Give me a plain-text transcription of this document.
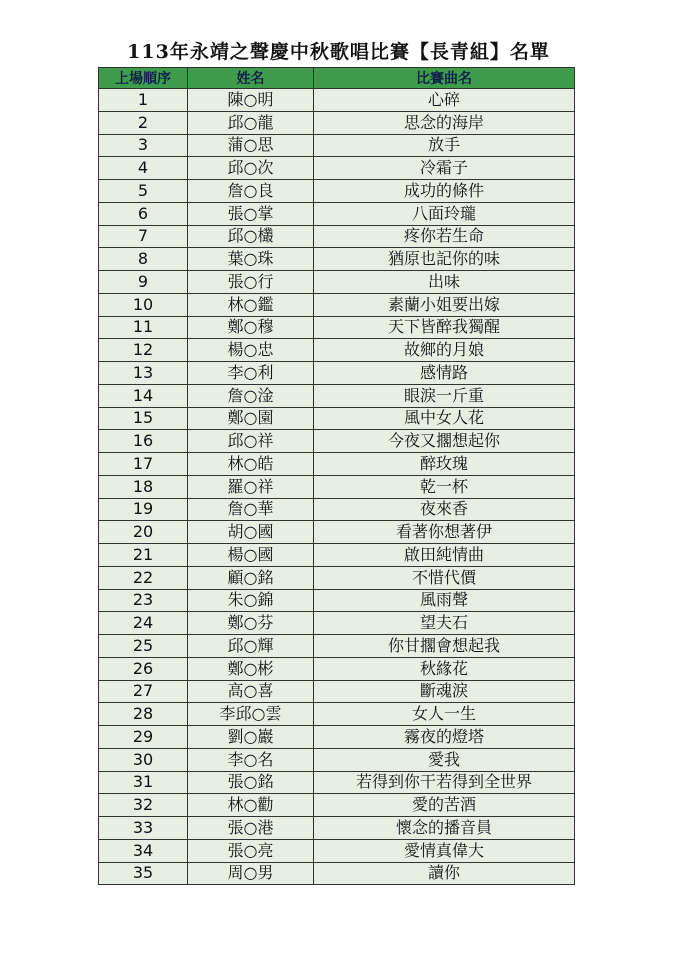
113年永靖之聲慶中秋歌唱比賽【長青組】名單
上場順序	姓名	比賽曲名
1	陳○明	心碎
2	邱○龍	思念的海岸
3	蒲○思	放手
4	邱○次	冷霜子
5	詹○良	成功的條件
6	張○掌	八面玲瓏
7	邱○欉	疼你若生命
8	葉○珠	猶原也記你的味
9	張○行	出味
10	林○鑑	素蘭小姐要出嫁
11	鄭○穆	天下皆醉我獨醒
12	楊○忠	故鄉的月娘
13	李○利	感情路
14	詹○淦	眼淚一斤重
15	鄭○園	風中女人花
16	邱○祥	今夜又擱想起你
17	林○皓	醉玫瑰
18	羅○祥	乾一杯
19	詹○華	夜來香
20	胡○國	看著你想著伊
21	楊○國	啟田純情曲
22	顧○銘	不惜代價
23	朱○錦	風雨聲
24	鄭○芬	望夫石
25	邱○輝	你甘擱會想起我
26	鄭○彬	秋緣花
27	高○喜	斷魂淚
28	李邱○雲	女人一生
29	劉○巖	霧夜的燈塔
30	李○名	愛我
31	張○銘	若得到你干若得到全世界
32	林○勸	愛的苦酒
33	張○港	懷念的播音員
34	張○亮	愛情真偉大
35	周○男	讀你
